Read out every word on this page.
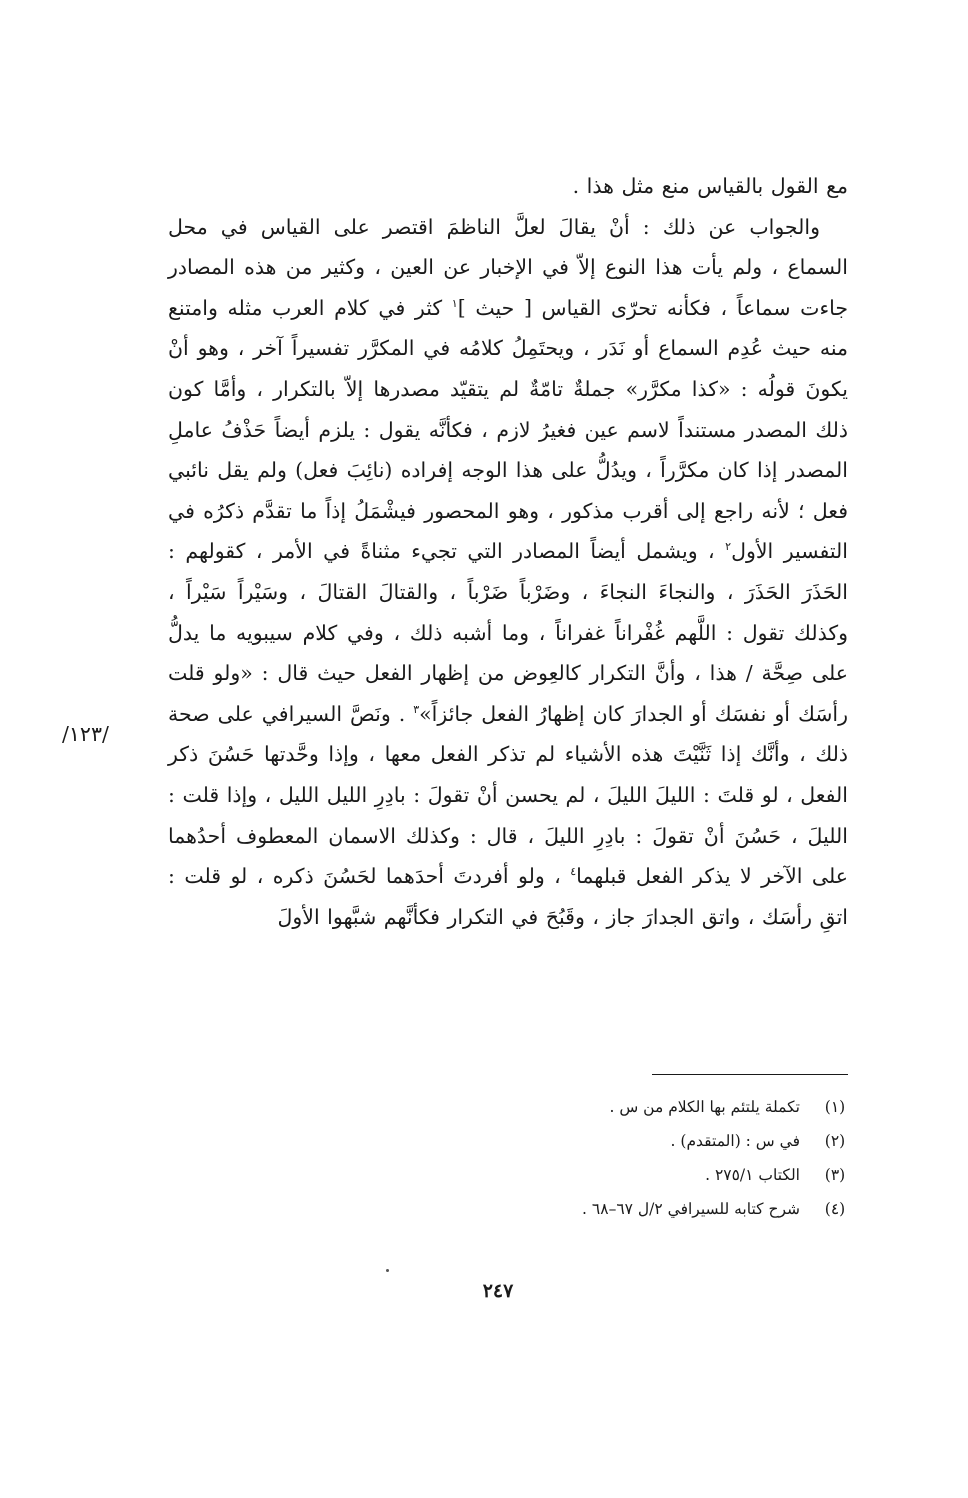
مع القول بالقياس منع مثل هذا .

والجواب عن ذلك : أنْ يقالَ لعلَّ الناظمَ اقتصر على القياس في محل السماع ، ولم يأت هذا النوع إلاّ في الإخبار عن العين ، وكثير من هذه المصادر جاءت سماعاً ، فكأنه تحرّى القياس [ حيث ]$^١$ كثر في كلام العرب مثله وامتنع منه حيث عُدِم السماع أو نَدَر ، ويحتَمِلُ كلامُه في المكرَّر تفسيراً آخر ، وهو أنْ يكونَ قولُه : «كذا مكرَّر» جملةٌ تامّةٌ لم يتقيّد مصدرها إلاّ بالتكرار ، وأمَّا كون ذلك المصدر مستنداً لاسم عين فغيرُ لازم ، فكأنَّه يقول : يلزم أيضاً حَذْفُ عاملِ المصدر إذا كان مكرَّراً ، ويدُلُّ على هذا الوجه إفراده (نائِبَ فعل) ولم يقل نائبي فعل ؛ لأنه راجع إلى أقرب مذكور ، وهو المحصور فيشْمَلُ إذاً ما تقدَّم ذكرُه في التفسير الأول$^٢$ ، ويشمل أيضاً المصادر التي تجيء مثناةً في الأمر ، كقولهم : الحَذَرَ الحَذَرَ ، والنجاءَ النجاءَ ، وضَرْباً ضَرْباً ، والقتالَ القتالَ ، وسَيْراً سَيْراً ، وكذلك تقول : اللَّهم غُفْراناً غفراناً ، وما أشبه ذلك ، وفي كلام سيبويه ما يدلُّ على صِحَّة / هذا ، وأنَّ التكرار كالعِوض من إظهار الفعل حيث قال : «ولو قلت رأسَك أو نفسَك أو الجدارَ كان إظهارُ الفعل جائزاً»$^٣$ . ونَصَّ السيرافي على صحة ذلك ، وأنَّك إذا ثَنَّيْتَ هذه الأشياء لم تذكر الفعل معها ، وإذا وحَّدتها حَسُنَ ذكر الفعل ، لو قلتَ : الليلَ الليلَ ، لم يحسن أنْ تقولَ : بادِرِ الليل الليل ، وإذا قلت : الليلَ ، حَسُنَ أنْ تقولَ : بادِرِ الليلَ ، قال : وكذلك الاسمان المعطوف أحدُهما على الآخر لا يذكر الفعل قبلهما$^٤$ ، ولو أفردتَ أحدَهما لحَسُنَ ذكره ، لو قلت : اتقِ رأسَك ، واتق الجدارَ جاز ، وقَبُحَ في التكرار فكأنَّهم شبَّهوا الأولَ

/١٢٣/
(١)
تكملة يلتئم بها الكلام من س .
(٢)
في س : (المتقدم) .
(٣)
الكتاب ٢٧٥/١ .
(٤)
شرح كتابه للسيرافي ٢/ل ٦٧–٦٨ .
٢٤٧
